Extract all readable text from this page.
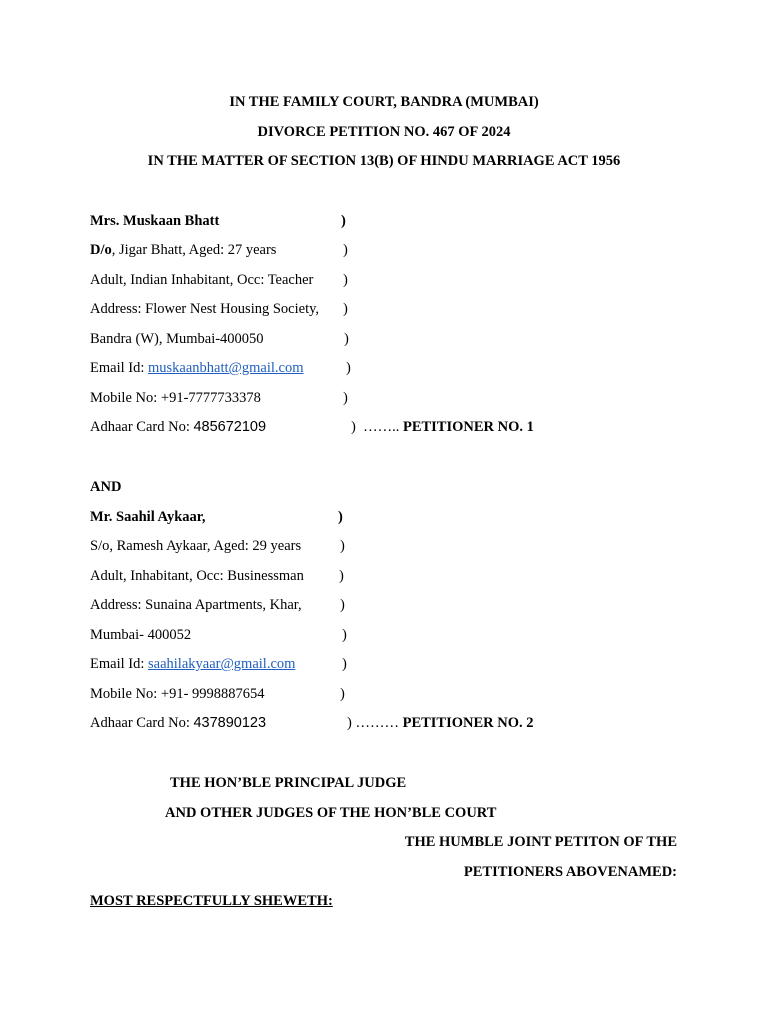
IN THE FAMILY COURT, BANDRA (MUMBAI)
DIVORCE PETITION NO. 467 OF 2024
IN THE MATTER OF SECTION 13(B) OF HINDU MARRIAGE ACT 1956
Mrs. Muskaan Bhatt	)
D/o, Jigar Bhatt, Aged: 27 years	)
Adult, Indian Inhabitant, Occ: Teacher )
Address: Flower Nest Housing Society, )
Bandra (W), Mumbai-400050	)
Email Id: muskaanbhatt@gmail.com	)
Mobile No: +91-7777733378	)
Adhaar Card No: 485672109	) …….. PETITIONER NO. 1
AND
Mr. Saahil Aykaar,	)
S/o, Ramesh Aykaar, Aged: 29 years	)
Adult, Inhabitant, Occ: Businessman )
Address: Sunaina Apartments, Khar,	)
Mumbai- 400052	)
Email Id: saahilakyaar@gmail.com	)
Mobile No: +91- 9998887654	)
Adhaar Card No: 437890123	) ……… PETITIONER NO. 2
THE HON’BLE PRINCIPAL JUDGE
AND OTHER JUDGES OF THE HON’BLE COURT
THE HUMBLE JOINT PETITON OF THE
PETITIONERS ABOVENAMED:
MOST RESPECTFULLY SHEWETH:
